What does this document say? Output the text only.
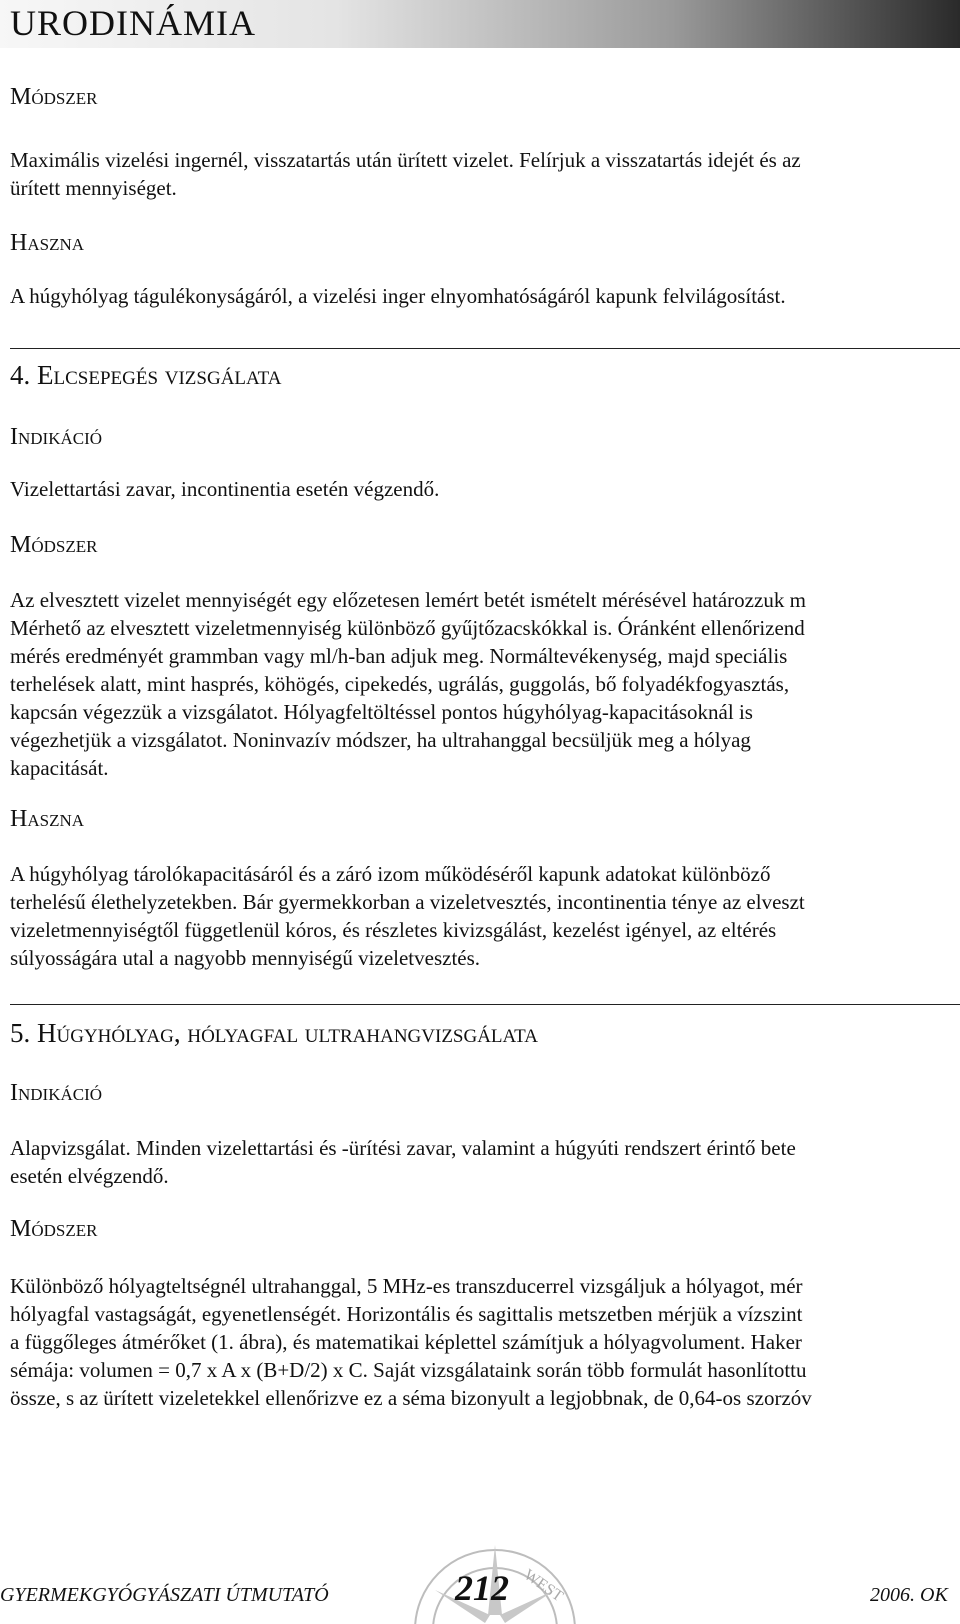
URODINÁMIA
Módszer
Maximális vizelési ingernél, visszatartás után ürített vizelet. Felírjuk a visszatartás idejét és az
ürített mennyiséget.
Haszna
A húgyhólyag tágulékonyságáról, a vizelési inger elnyomhatóságáról kapunk felvilágosítást.
4. Elcsepegés vizsgálata
Indikáció
Vizelettartási zavar, incontinentia esetén végzendő.
Módszer
Az elvesztett vizelet mennyiségét egy előzetesen lemért betét ismételt mérésével határozzuk m
Mérhető az elvesztett vizeletmennyiség különböző gyűjtőzacskókkal is. Óránként ellenőrizend
mérés eredményét grammban vagy ml/h-ban adjuk meg. Normáltevékenység, majd speciális
terhelések alatt, mint hasprés, köhögés, cipekedés, ugrálás, guggolás, bő folyadékfogyasztás,
kapcsán végezzük a vizsgálatot. Hólyagfeltöltéssel pontos húgyhólyag-kapacitásoknál is
végezhetjük a vizsgálatot. Noninvazív módszer, ha ultrahanggal becsüljük meg a hólyag
kapacitását.
Haszna
A húgyhólyag tárolókapacitásáról és a záró izom működéséről kapunk adatokat különböző
terhelésű élethelyzetekben. Bár gyermekkorban a vizeletvesztés, incontinentia ténye az elveszt
vizeletmennyiségtől függetlenül kóros, és részletes kivizsgálást, kezelést igényel, az eltérés
súlyosságára utal a nagyobb mennyiségű vizeletvesztés.
5. Húgyhólyag, hólyagfal ultrahangvizsgálata
Indikáció
Alapvizsgálat. Minden vizelettartási és -ürítési zavar, valamint a húgyúti rendszert érintő bete
esetén elvégzendő.
Módszer
Különböző hólyagteltségnél ultrahanggal, 5 MHz-es transzducerrel vizsgáljuk a hólyagot, mér
hólyagfal vastagságát, egyenetlenségét. Horizontális és sagittalis metszetben mérjük a vízszint
a függőleges átmérőket (1. ábra), és matematikai képlettel számítjuk a hólyagvolument. Haker
sémája: volumen = 0,7 x A x (B+D/2) x C. Saját vizsgálataink során több formulát hasonlítottu
össze, s az ürített vizeletekkel ellenőrizve ez a séma bizonyult a legjobbnak, de 0,64-os szorzóv
GYERMEKGYÓGYÁSZATI ÚTMUTATÓ	WEST
212	2006. OK
